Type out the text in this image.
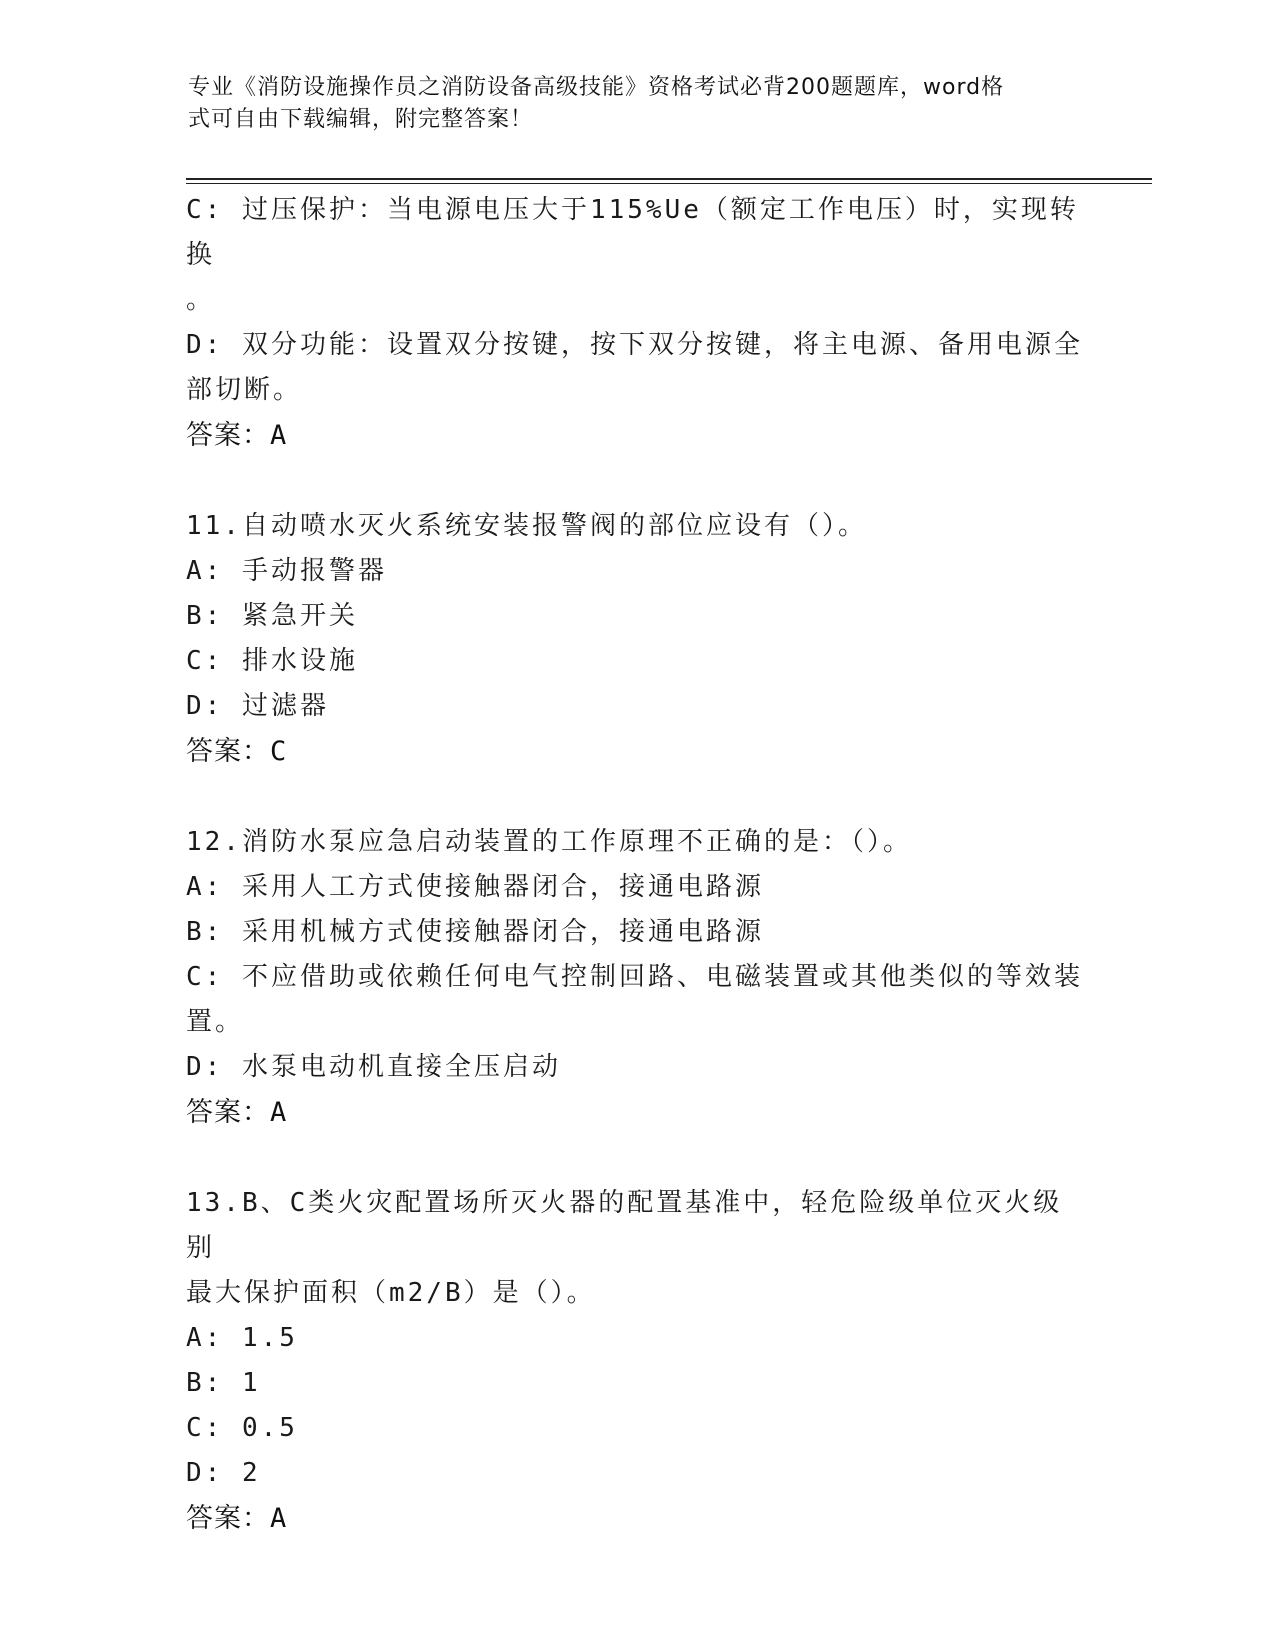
专业《消防设施操作员之消防设备高级技能》资格考试必背200题题库，word格
式可自由下载编辑，附完整答案！
C: 过压保护：当电源电压大于115%Ue（额定工作电压）时，实现转换
。
D: 双分功能：设置双分按键，按下双分按键，将主电源、备用电源全
部切断。
答案：A
11.自动喷水灭火系统安装报警阀的部位应设有（）。
A: 手动报警器
B: 紧急开关
C: 排水设施
D: 过滤器
答案：C
12.消防水泵应急启动装置的工作原理不正确的是：（）。
A: 采用人工方式使接触器闭合，接通电路源
B: 采用机械方式使接触器闭合，接通电路源
C: 不应借助或依赖任何电气控制回路、电磁装置或其他类似的等效装
置。
D: 水泵电动机直接全压启动
答案：A
13.B、C类火灾配置场所灭火器的配置基准中，轻危险级单位灭火级别
最大保护面积（m2/B）是（）。
A: 1.5
B: 1
C: 0.5
D: 2
答案：A
